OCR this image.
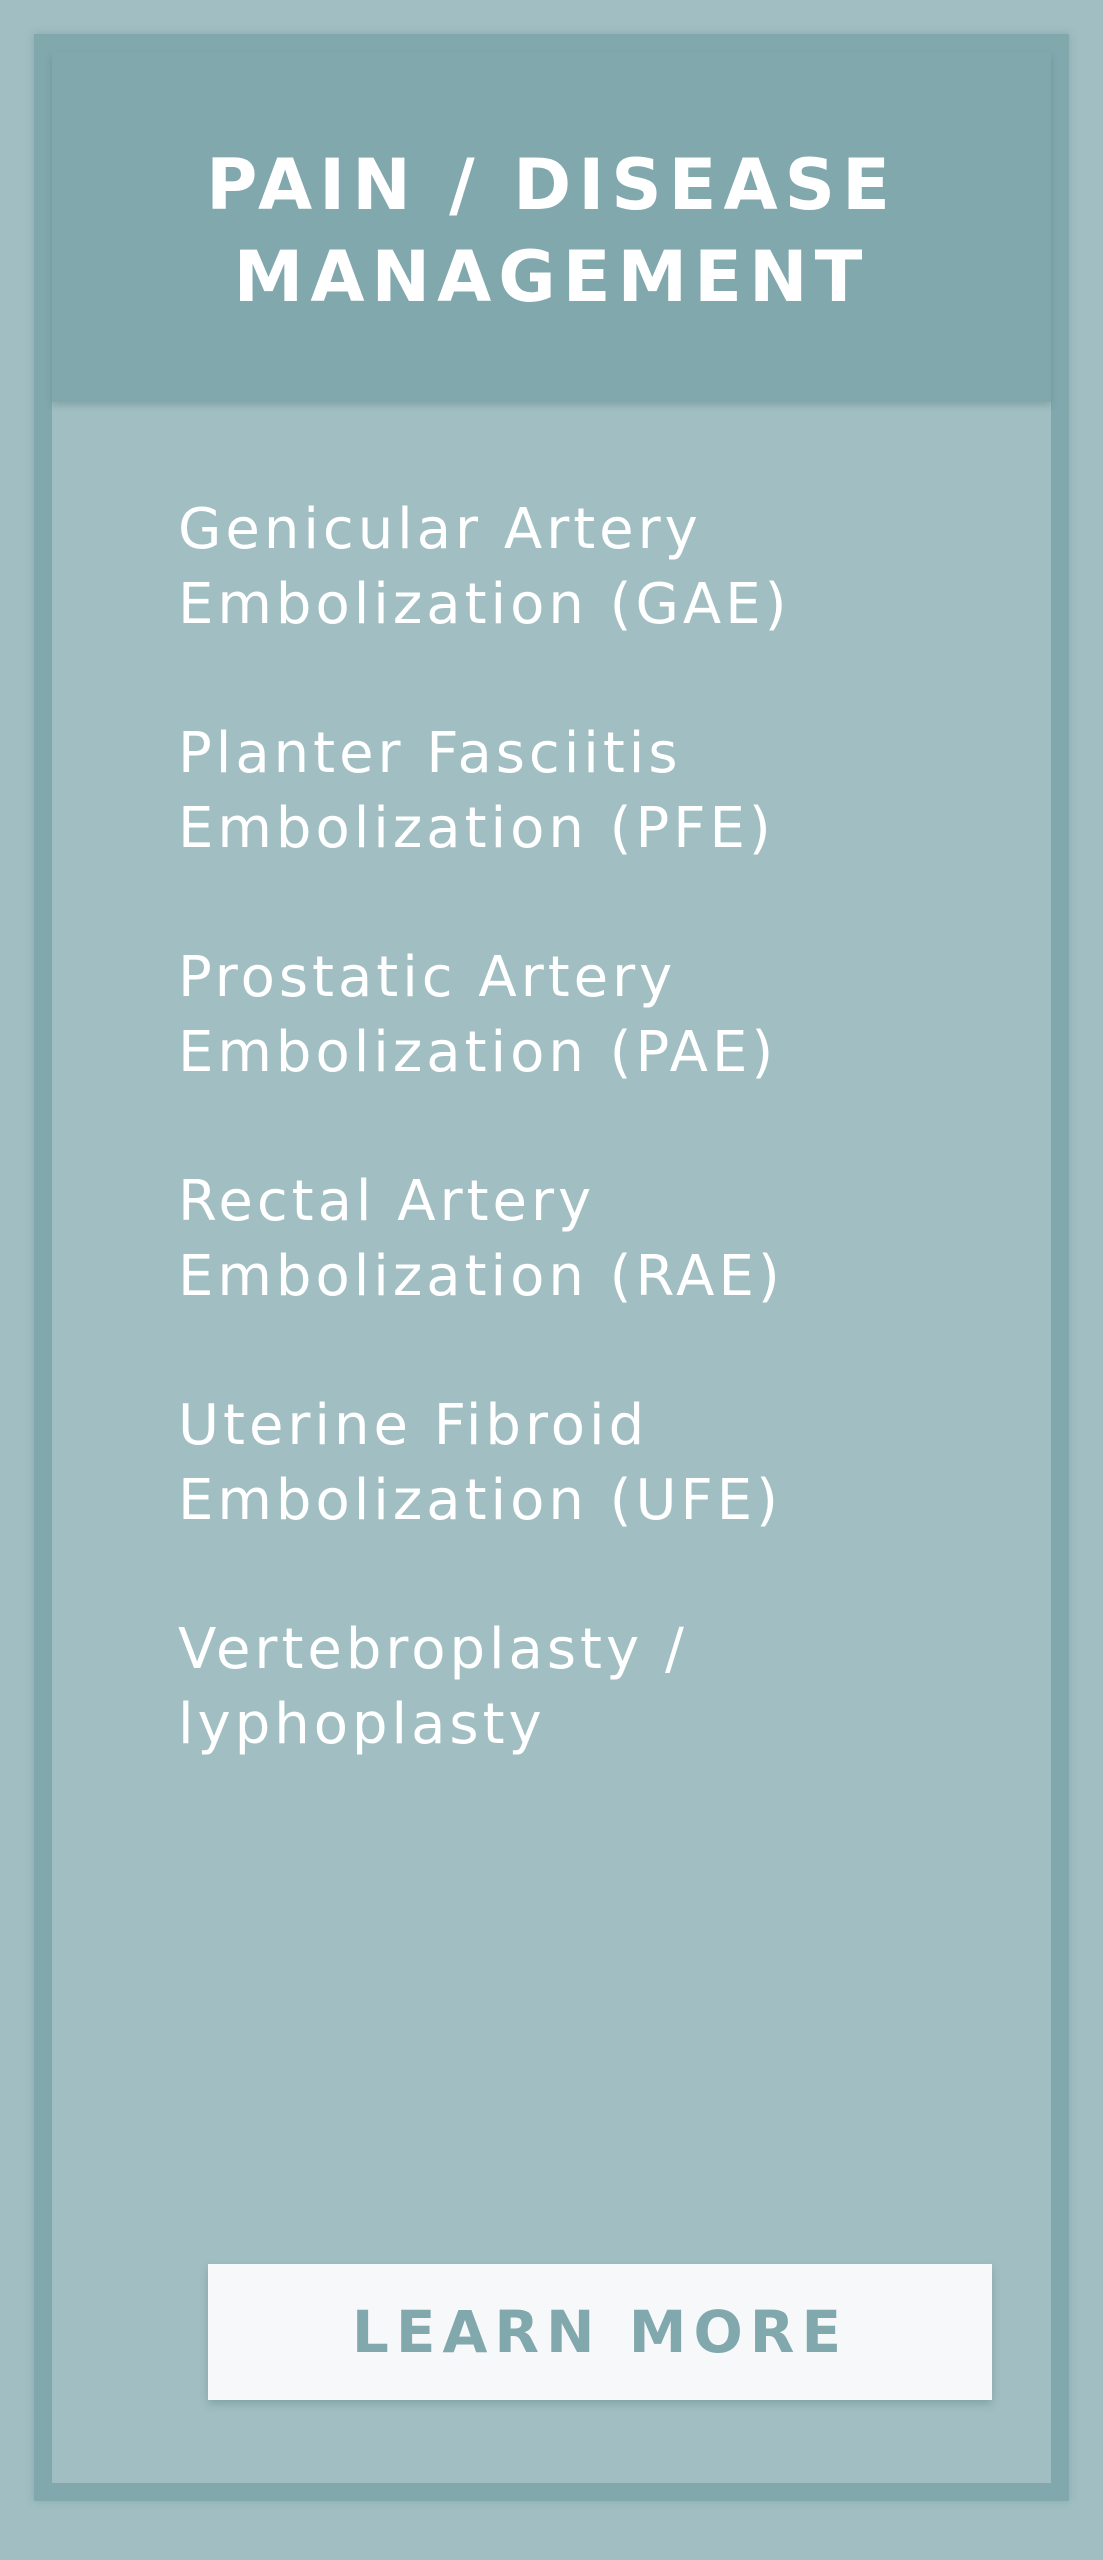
PAIN / DISEASE
MANAGEMENT
Genicular Artery
Embolization (GAE)
Planter Fasciitis
Embolization (PFE)
Prostatic Artery
Embolization (PAE)
Rectal Artery
Embolization (RAE)
Uterine Fibroid
Embolization (UFE)
Vertebroplasty /
lyphoplasty
LEARN MORE
